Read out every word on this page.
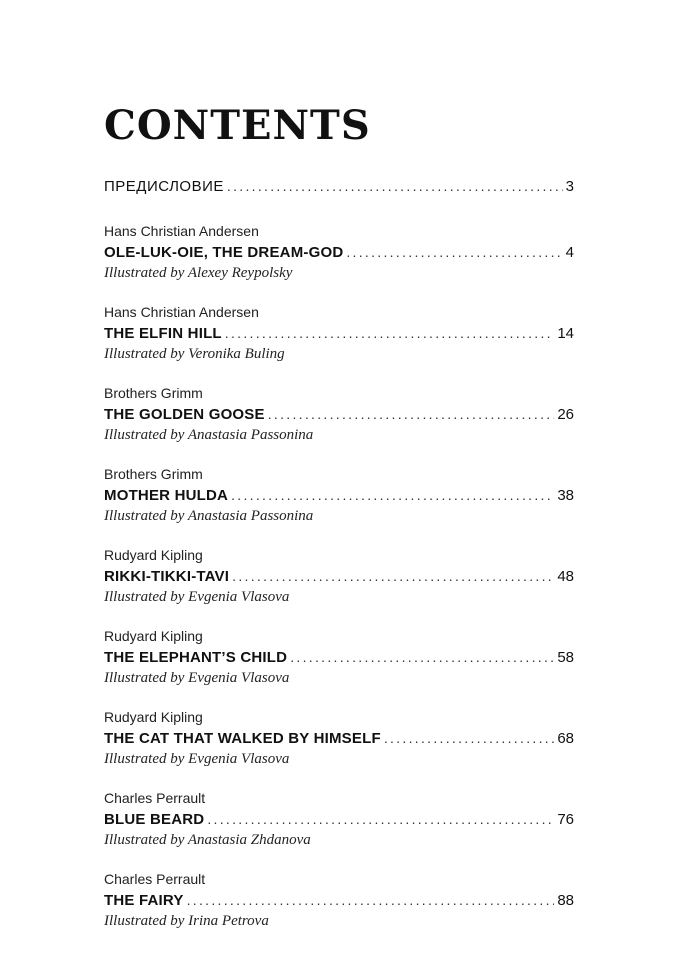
CONTENTS
ПРЕДИСЛОВИЕ .....	3
Hans Christian Andersen
OLE-LUK-OIE, THE DREAM-GOD .....	4
Illustrated by Alexey Reypolsky
Hans Christian Andersen
THE ELFIN HILL .....	14
Illustrated by Veronika Buling
Brothers Grimm
THE GOLDEN GOOSE .....	26
Illustrated by Anastasia Passonina
Brothers Grimm
MOTHER HULDA .....	38
Illustrated by Anastasia Passonina
Rudyard Kipling
RIKKI-TIKKI-TAVI .....	48
Illustrated by Evgenia Vlasova
Rudyard Kipling
THE ELEPHANT’S CHILD .....	58
Illustrated by Evgenia Vlasova
Rudyard Kipling
THE CAT THAT WALKED BY HIMSELF .....	68
Illustrated by Evgenia Vlasova
Charles Perrault
BLUE BEARD .....	76
Illustrated by Anastasia Zhdanova
Charles Perrault
THE FAIRY .....	88
Illustrated by Irina Petrova
